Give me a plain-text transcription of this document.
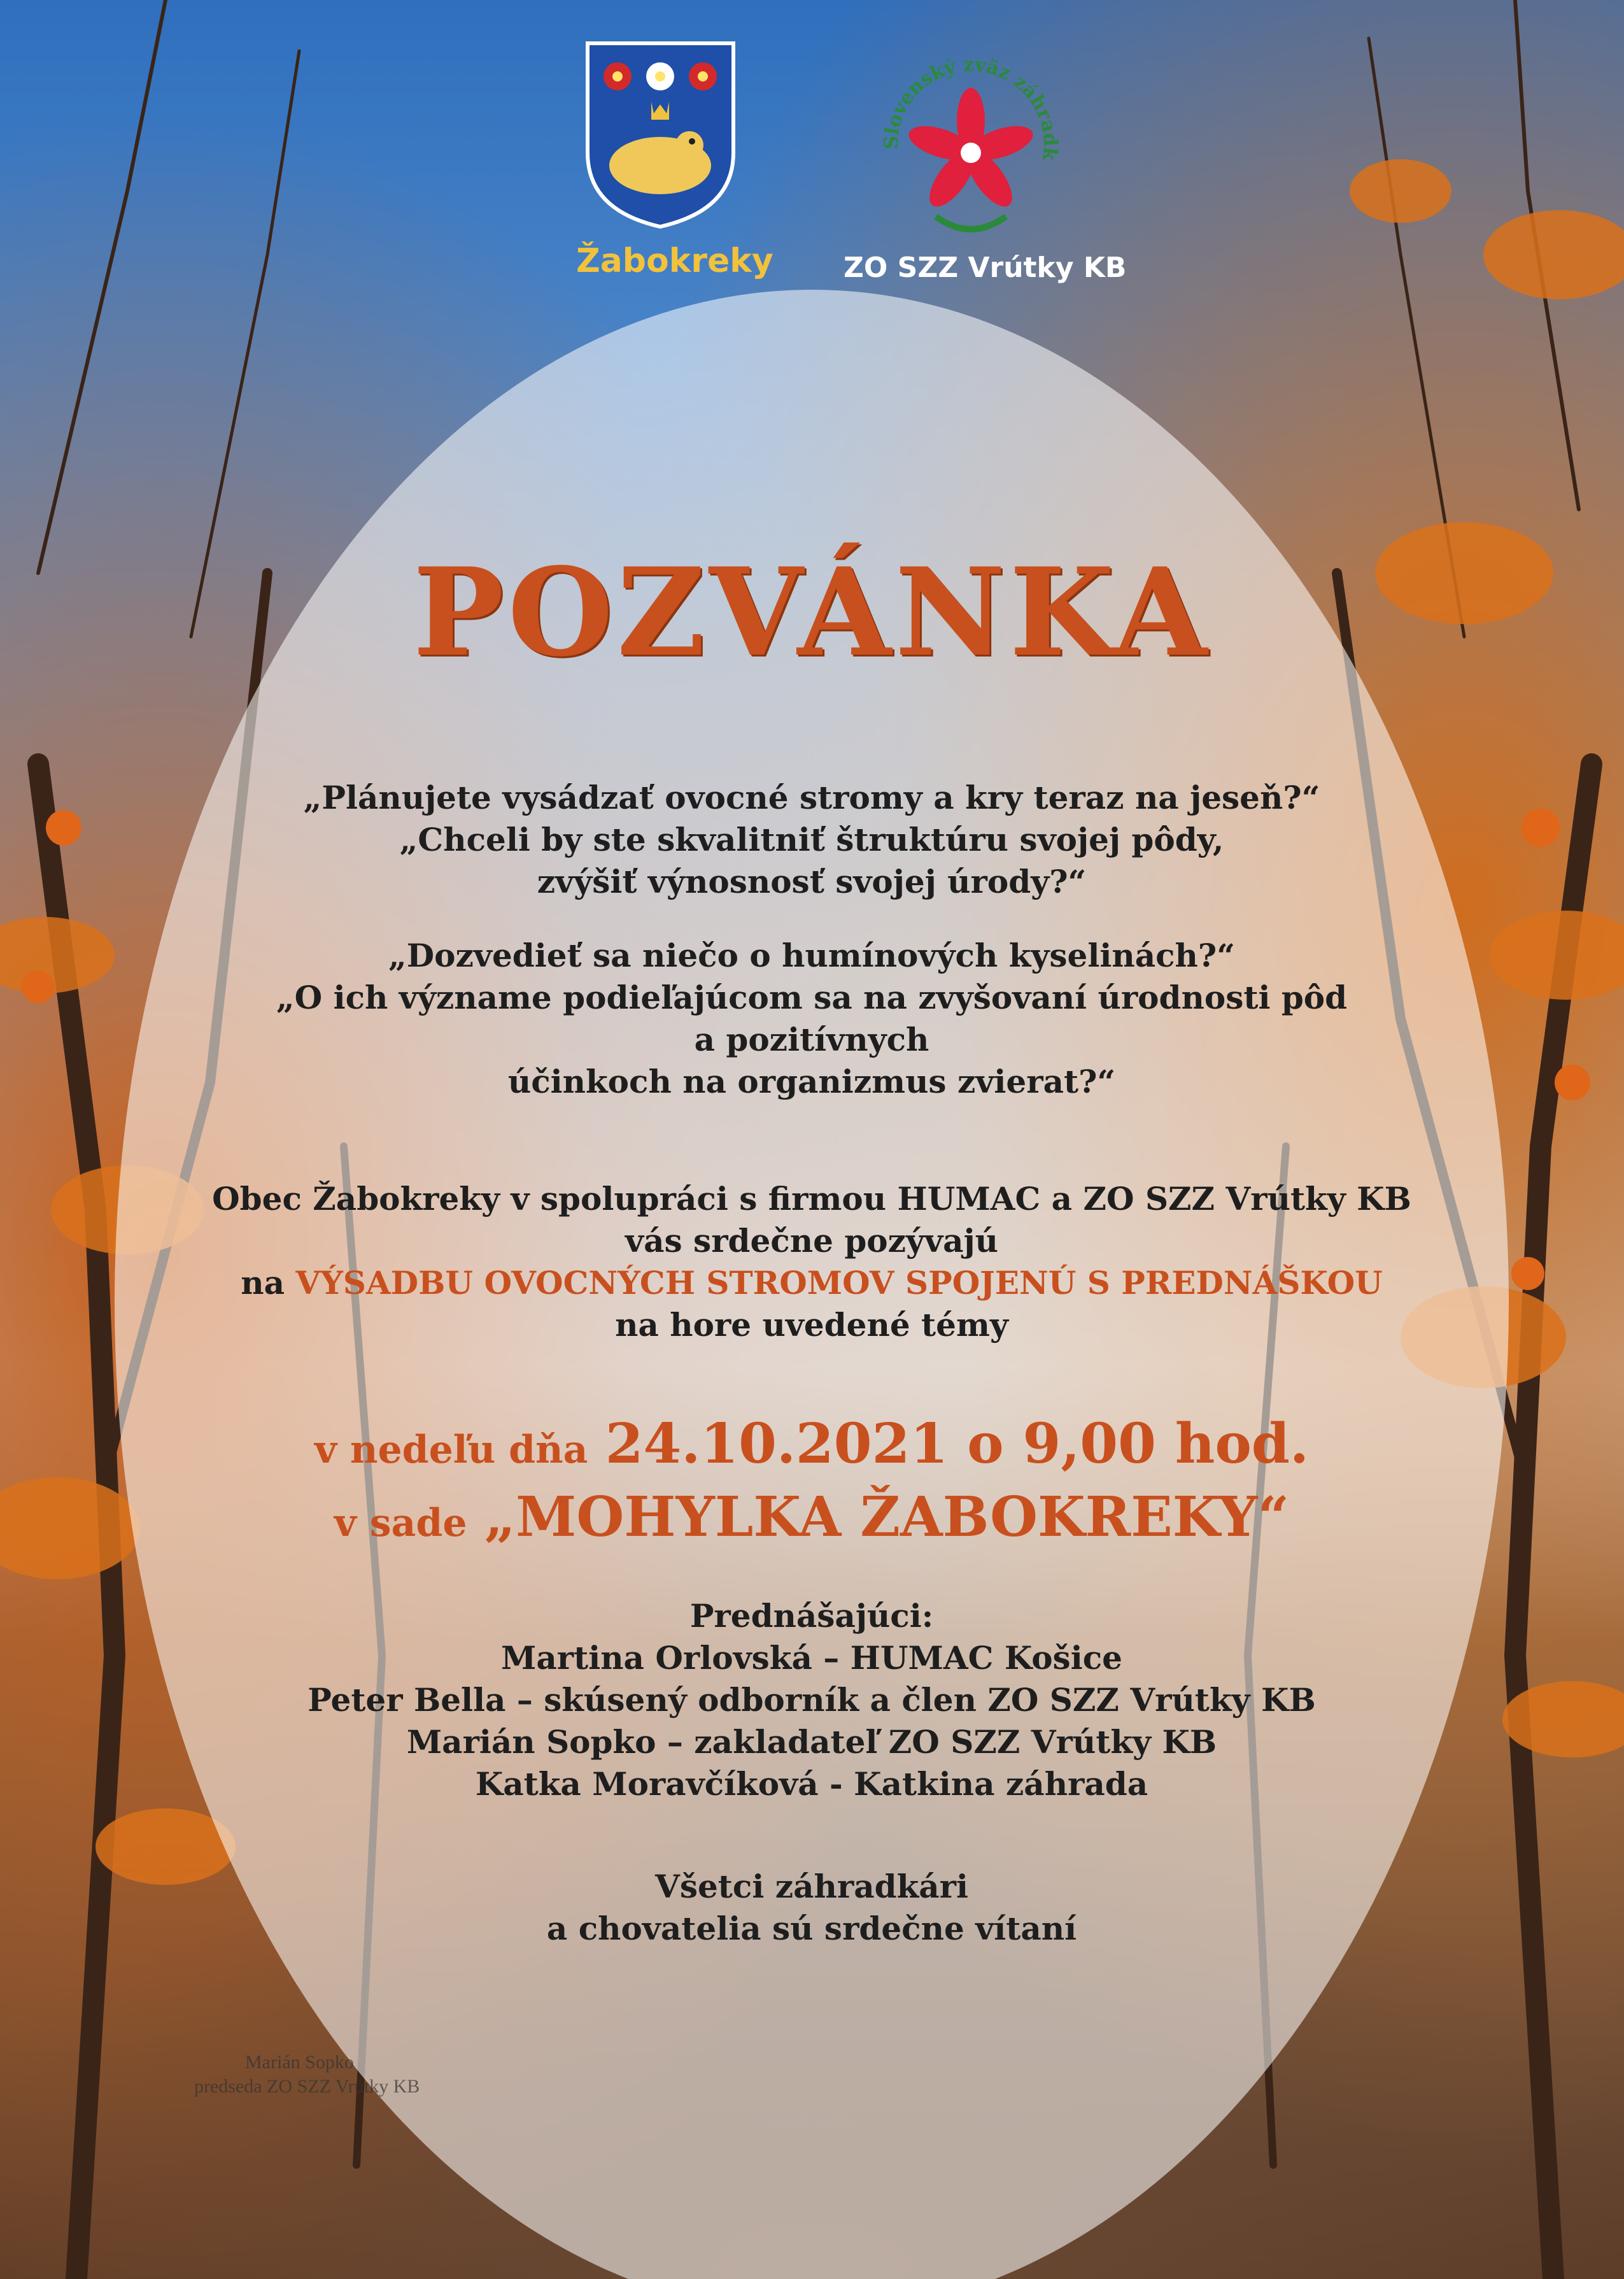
Žabokreky
Slovenský zväz záhradk
ZO SZZ Vrútky KB
POZVÁNKA
„Plánujete vysádzať ovocné stromy a kry teraz na jeseň?“
„Chceli by ste skvalitniť štruktúru svojej pôdy,
zvýšiť výnosnosť svojej úrody?“
„Dozvedieť sa niečo o humínových kyselinách?“
„O ich význame podieľajúcom sa na zvyšovaní úrodnosti pôd
a pozitívnych
účinkoch na organizmus zvierat?“
Obec Žabokreky v spolupráci s firmou HUMAC a ZO SZZ Vrútky KB
vás srdečne pozývajú
na VÝSADBU OVOCNÝCH STROMOV SPOJENÚ S PREDNÁŠKOU
na hore uvedené témy
v nedeľu dňa 24.10.2021 o 9,00 hod.
v sade „MOHYLKA ŽABOKREKY“
Prednášajúci:
Martina Orlovská – HUMAC Košice
Peter Bella – skúsený odborník a člen ZO SZZ Vrútky KB
Marián Sopko – zakladateľ ZO SZZ Vrútky KB
Katka Moravčíková - Katkina záhrada
Všetci záhradkári
a chovatelia sú srdečne vítaní
Marián Sopko
predseda ZO SZZ Vrútky KB
